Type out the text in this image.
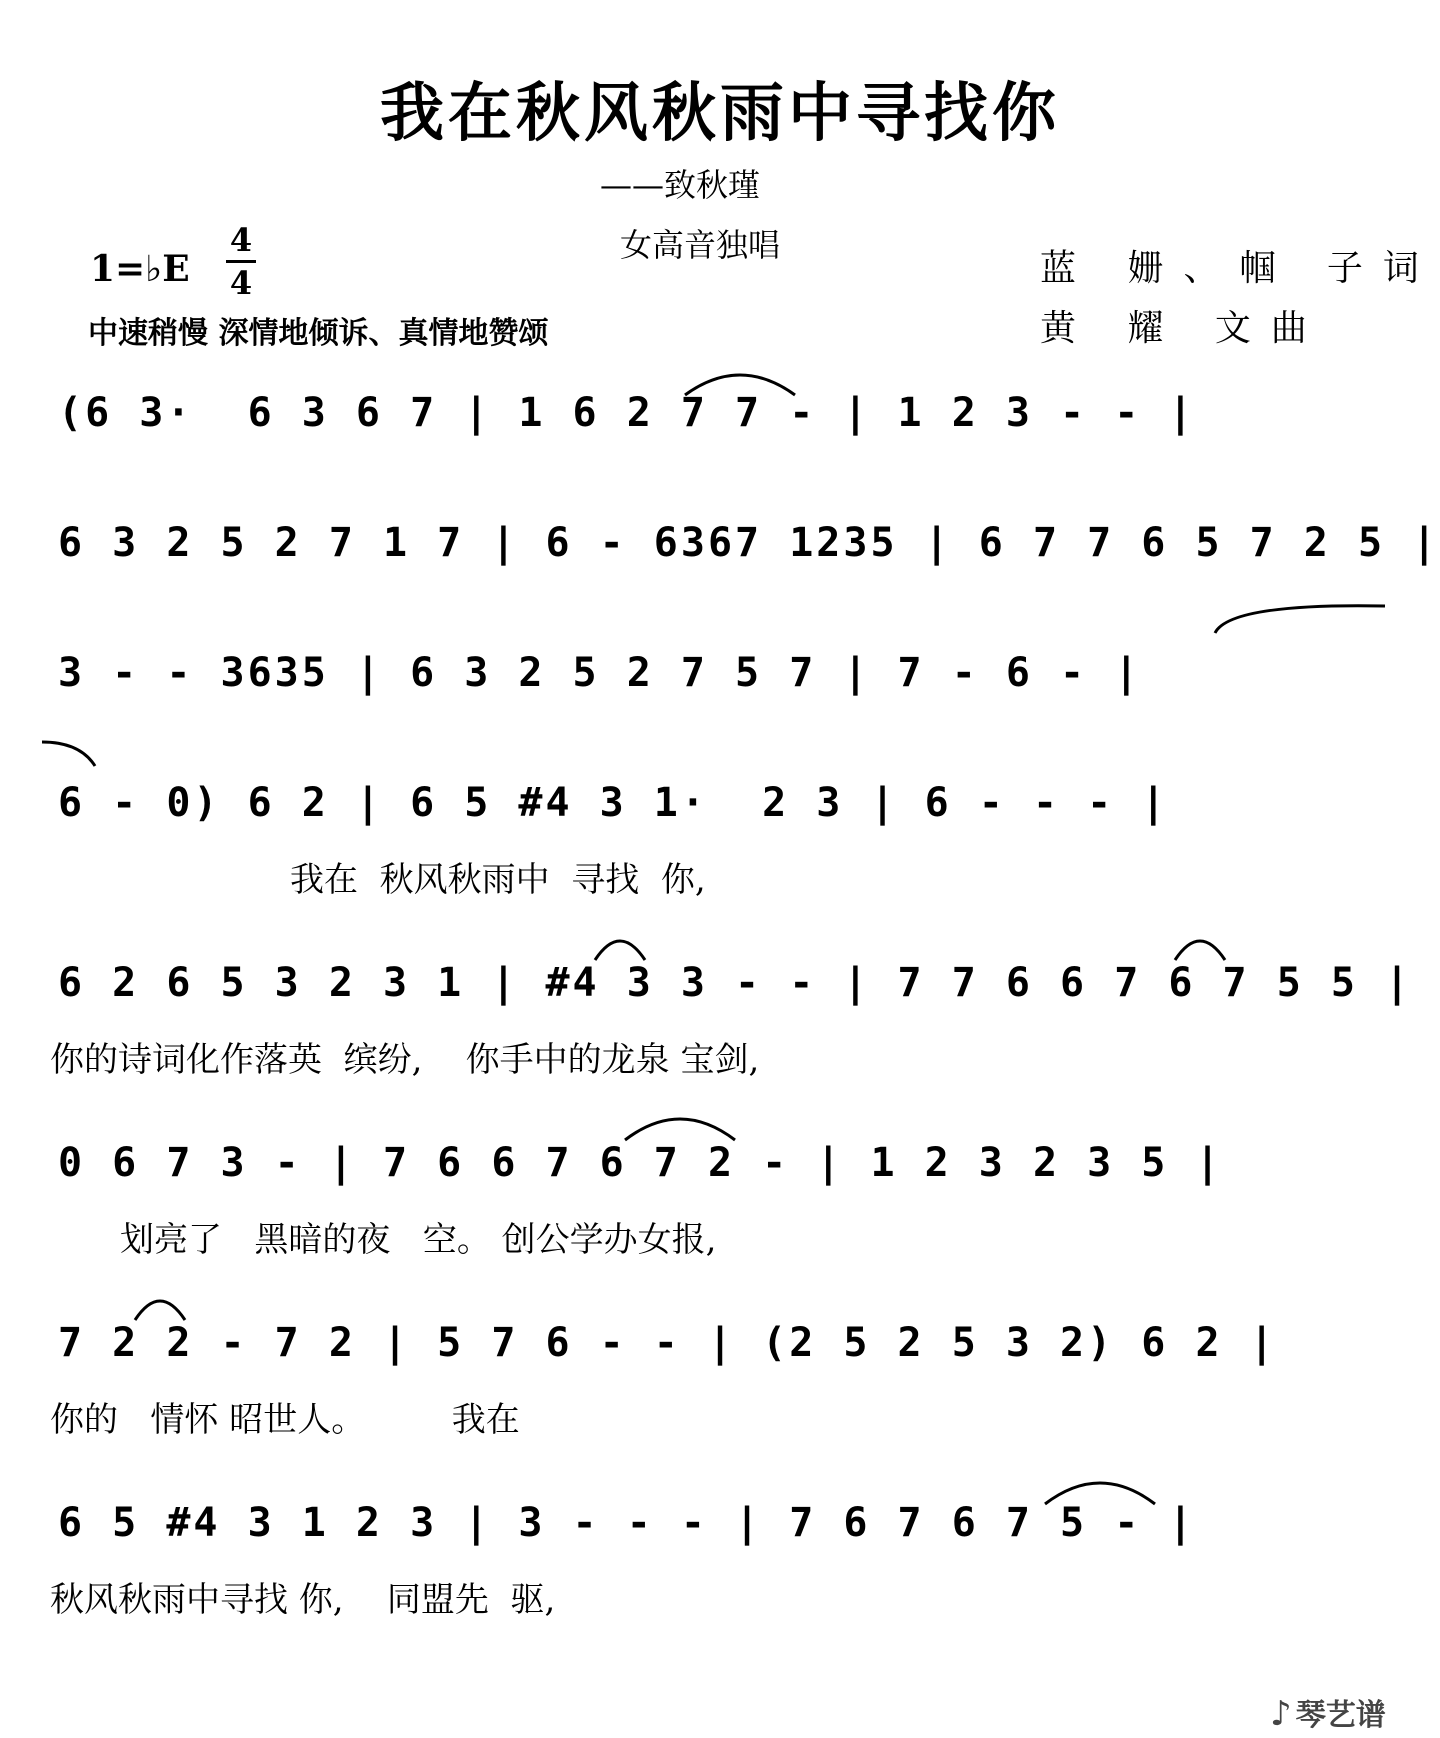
我在秋风秋雨中寻找你
——致秋瑾
女高音独唱
1=♭E
4
4
中速稍慢 深情地倾诉、真情地赞颂
蓝 姗、帼 子词
黄 耀 文曲
(6 3·  6 3 6 7 | 1 6 2 7 7 - | 1 2 3 - - |
6 3 2 5 2 7 1 7 | 6 - 6367 1235 | 6 7 7 6 5 7 2 5 |
3 - - 3635 | 6 3 2 5 2 7 5 7 | 7 - 6 - |
6 - 0) 6 2 | 6 5 #4 3 1·  2 3 | 6 - - - |
我在  秋风秋雨中  寻找  你,
6 2 6 5 3 2 3 1 | #4 3 3 - - | 7 7 6 6 7 6 7 5 5 |
你的诗词化作落英  缤纷,    你手中的龙泉 宝剑,
0 6 7 3 - | 7 6 6 7 6 7 2 - | 1 2 3 2 3 5 |
划亮了   黑暗的夜   空。 创公学办女报,
7 2 2 - 7 2 | 5 7 6 - - | (2 5 2 5 3 2) 6 2 |
你的   情怀 昭世人。        我在
6 5 #4 3 1 2 3 | 3 - - - | 7 6 7 6 7 5 - |
秋风秋雨中寻找 你,    同盟先  驱,
♪ 琴艺谱
